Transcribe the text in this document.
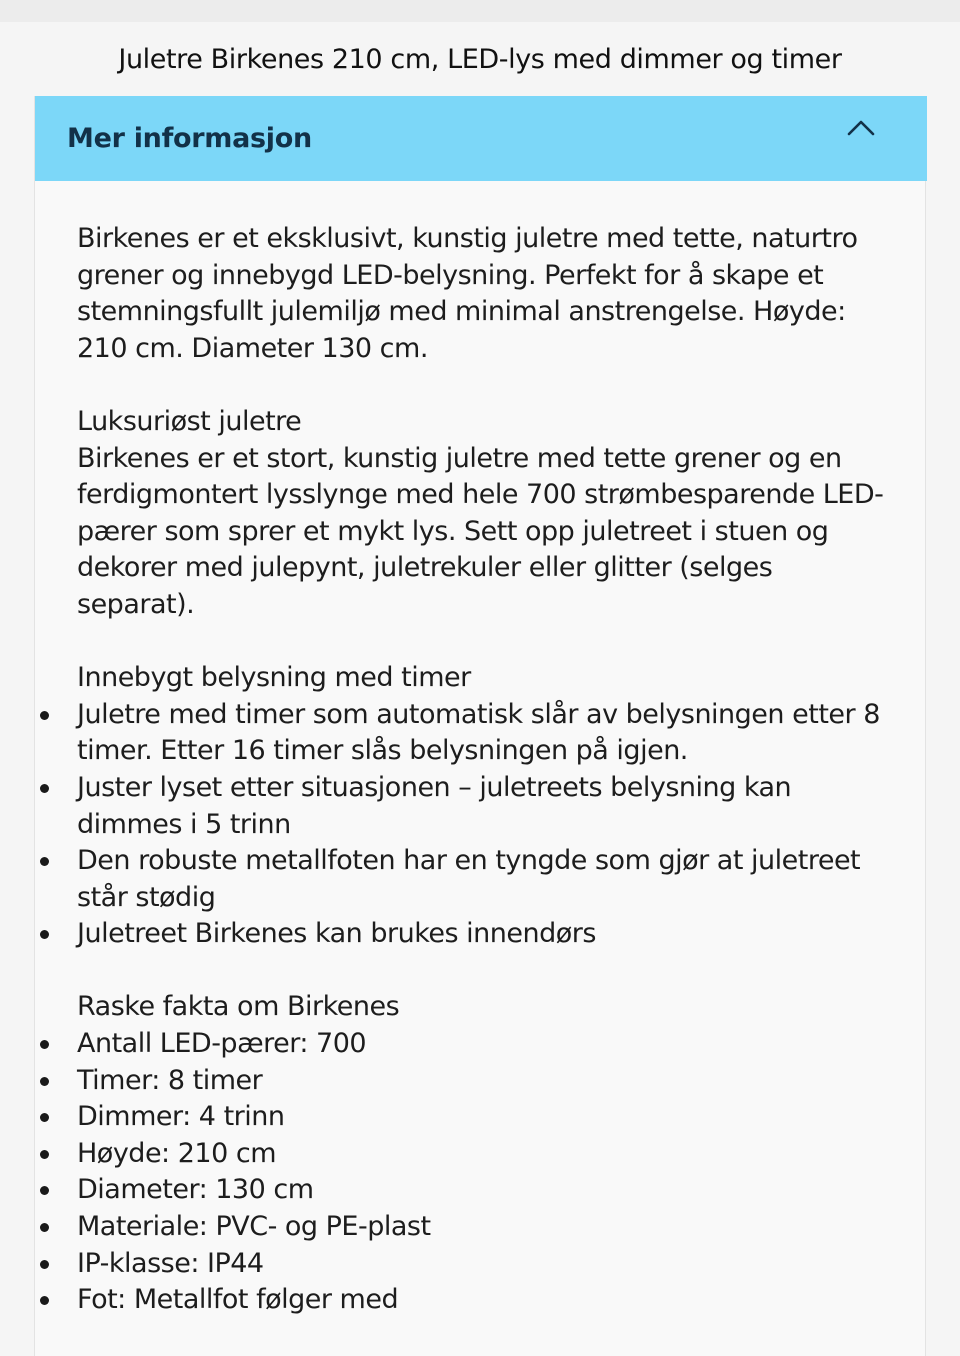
Juletre Birkenes 210 cm, LED-lys med dimmer og timer
Mer informasjon

Birkenes er et eksklusivt, kunstig juletre med tette, naturtro grener og innebygd LED-belysning. Perfekt for å skape et stemningsfullt julemiljø med minimal anstrengelse. Høyde: 210 cm. Diameter 130 cm.

Luksuriøst juletre

Birkenes er et stort, kunstig juletre med tette grener og en ferdigmontert lysslynge med hele 700 strømbesparende LED-pærer som sprer et mykt lys. Sett opp juletreet i stuen og dekorer med julepynt, juletrekuler eller glitter (selges separat).

Innebygt belysning med timer

Juletre med timer som automatisk slår av belysningen etter 8 timer. Etter 16 timer slås belysningen på igjen.
Juster lyset etter situasjonen – juletreets belysning kan dimmes i 5 trinn
Den robuste metallfoten har en tyngde som gjør at juletreet står stødig
Juletreet Birkenes kan brukes innendørs

Raske fakta om Birkenes

Antall LED-pærer: 700
Timer: 8 timer
Dimmer: 4 trinn
Høyde: 210 cm
Diameter: 130 cm
Materiale: PVC- og PE-plast
IP-klasse: IP44
Fot: Metallfot følger med
